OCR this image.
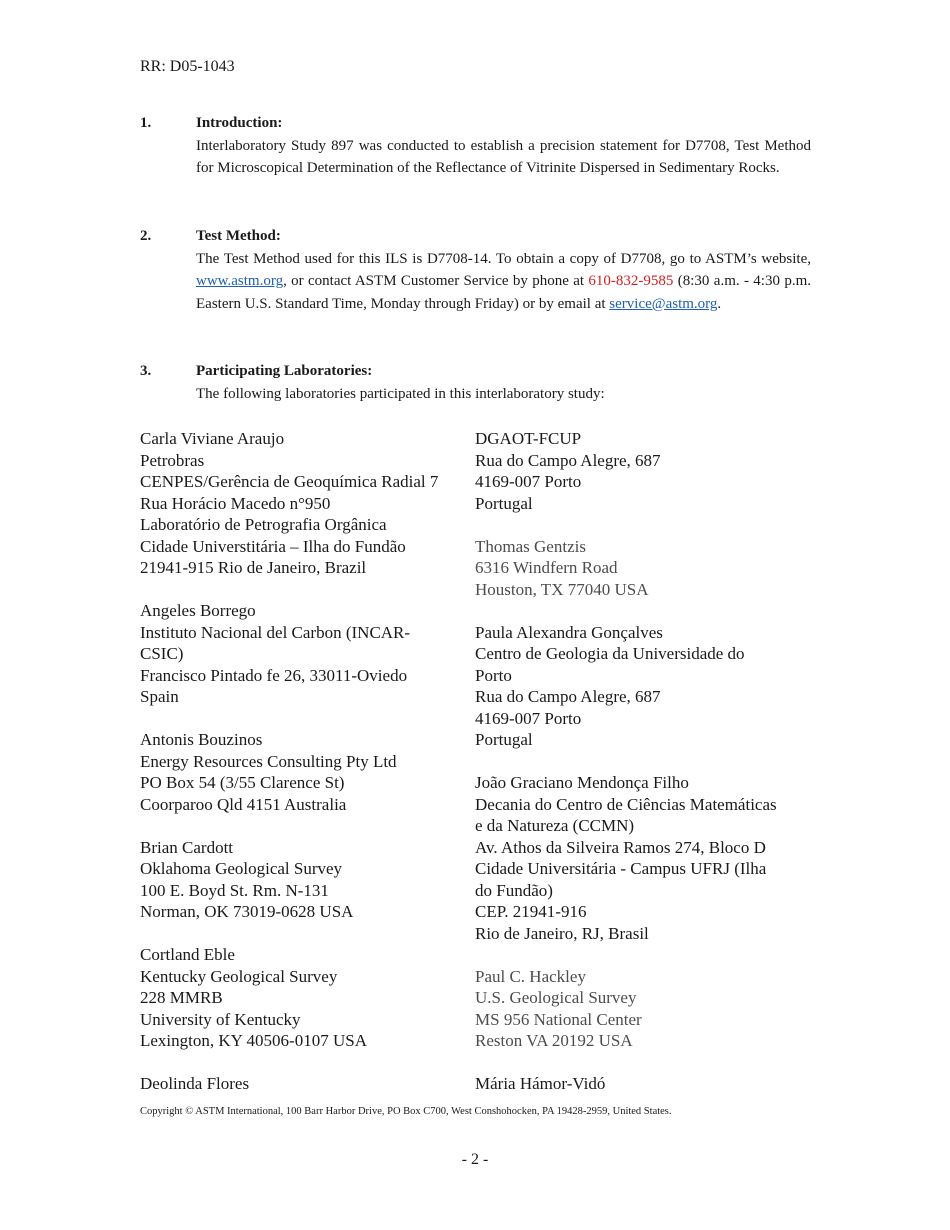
RR: D05-1043
1.	Introduction:
Interlaboratory Study 897 was conducted to establish a precision statement for D7708, Test Method for Microscopical Determination of the Reflectance of Vitrinite Dispersed in Sedimentary Rocks.
2.	Test Method:
The Test Method used for this ILS is D7708-14. To obtain a copy of D7708, go to ASTM’s website, www.astm.org, or contact ASTM Customer Service by phone at 610-832-9585 (8:30 a.m. - 4:30 p.m. Eastern U.S. Standard Time, Monday through Friday) or by email at service@astm.org.
3.	Participating Laboratories:
The following laboratories participated in this interlaboratory study:
Carla Viviane Araujo
Petrobras
CENPES/Gerência de Geoquímica Radial 7
Rua Horácio Macedo n°950
Laboratório de Petrografia Orgânica
Cidade Universtitária – Ilha do Fundão
21941-915 Rio de Janeiro, Brazil
Angeles Borrego
Instituto Nacional del Carbon (INCAR-
CSIC)
Francisco Pintado fe 26, 33011-Oviedo
Spain
Antonis Bouzinos
Energy Resources Consulting Pty Ltd
PO Box 54 (3/55 Clarence St)
Coorparoo Qld 4151 Australia
Brian Cardott
Oklahoma Geological Survey
100 E. Boyd St. Rm. N-131
Norman, OK 73019-0628 USA
Cortland Eble
Kentucky Geological Survey
228 MMRB
University of Kentucky
Lexington, KY 40506-0107 USA
Deolinda Flores
DGAOT-FCUP
Rua do Campo Alegre, 687
4169-007 Porto
Portugal
Thomas Gentzis
6316 Windfern Road
Houston, TX 77040 USA
Paula Alexandra Gonçalves
Centro de Geologia da Universidade do
Porto
Rua do Campo Alegre, 687
4169-007 Porto
Portugal
João Graciano Mendonça Filho
Decania do Centro de Ciências Matemáticas
e da Natureza (CCMN)
Av. Athos da Silveira Ramos 274, Bloco D
Cidade Universitária - Campus UFRJ (Ilha
do Fundão)
CEP. 21941-916
Rio de Janeiro, RJ, Brasil
Paul C. Hackley
U.S. Geological Survey
MS 956 National Center
Reston VA 20192 USA
Mária Hámor-Vidó
Copyright © ASTM International, 100 Barr Harbor Drive, PO Box C700, West Conshohocken, PA 19428-2959, United States.
- 2 -
